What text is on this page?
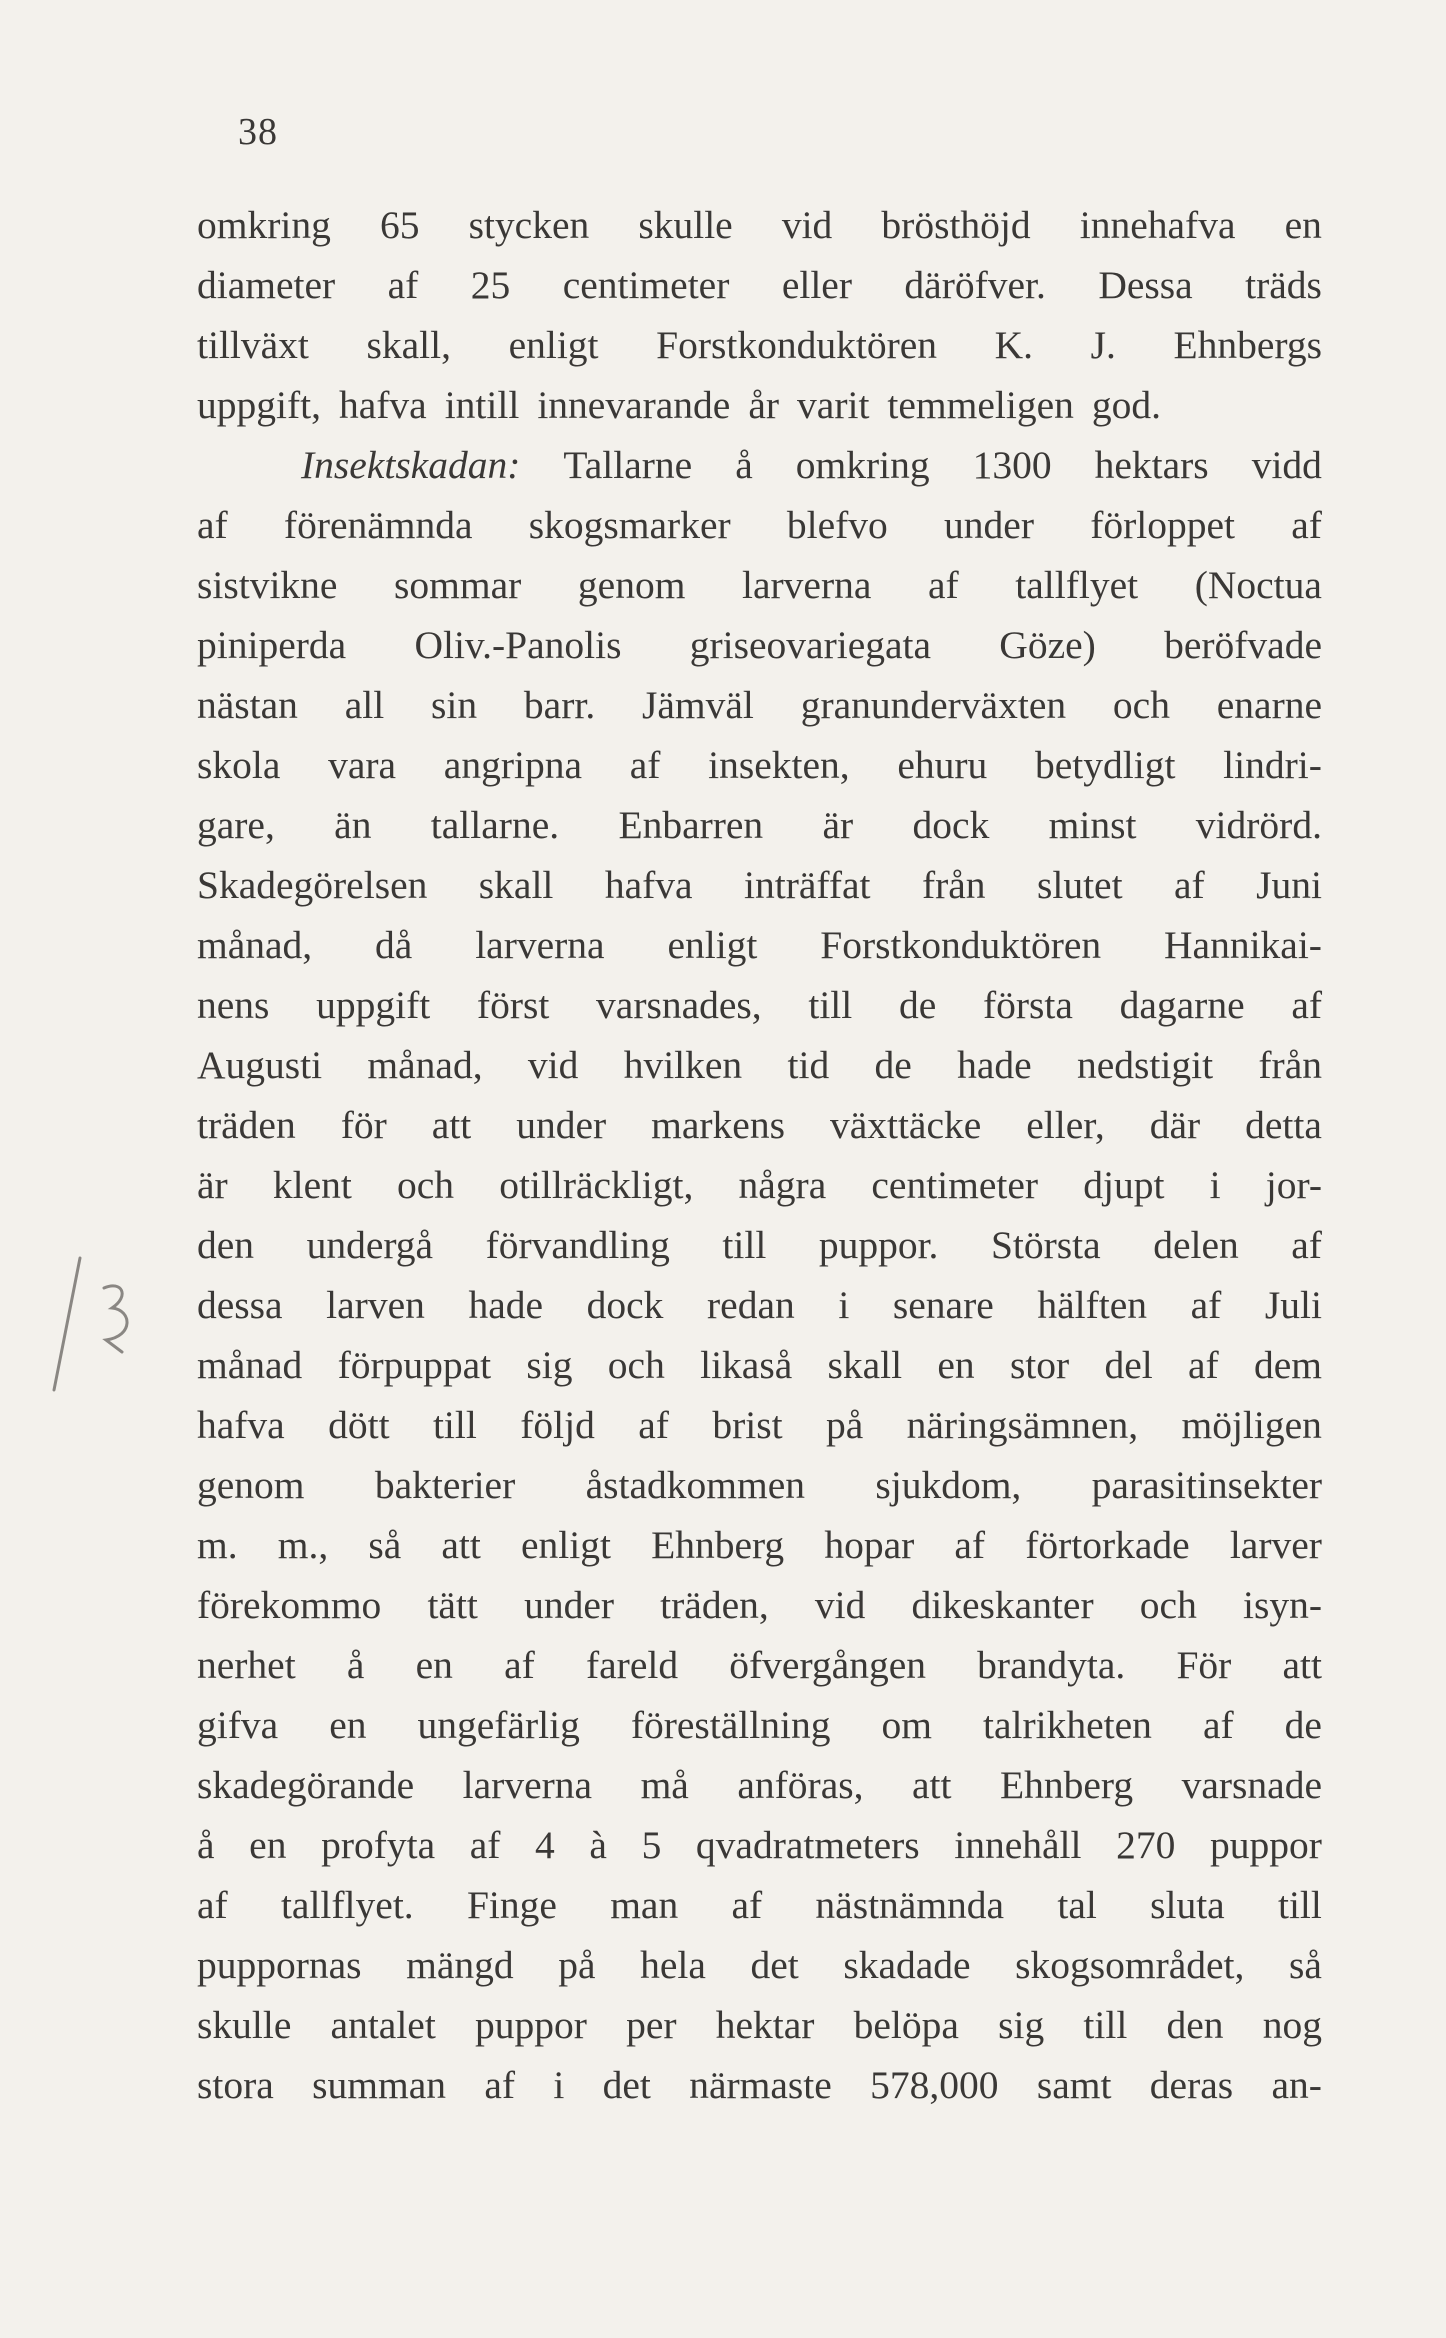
38
omkring 65 stycken skulle vid brösthöjd innehafva en
diameter af 25 centimeter eller däröfver. Dessa träds
tillväxt skall, enligt Forstkonduktören K. J. Ehnbergs
uppgift, hafva intill innevarande år varit temmeligen god.
Insektskadan: Tallarne å omkring 1300 hektars vidd
af förenämnda skogsmarker blefvo under förloppet af
sistvikne sommar genom larverna af tallflyet (Noctua
piniperda Oliv.-Panolis griseovariegata Göze) beröfvade
nästan all sin barr. Jämväl granunderväxten och enarne
skola vara angripna af insekten, ehuru betydligt lindri-
gare, än tallarne. Enbarren är dock minst vidrörd.
Skadegörelsen skall hafva inträffat från slutet af Juni
månad, då larverna enligt Forstkonduktören Hannikai-
nens uppgift först varsnades, till de första dagarne af
Augusti månad, vid hvilken tid de hade nedstigit från
träden för att under markens växttäcke eller, där detta
är klent och otillräckligt, några centimeter djupt i jor-
den undergå förvandling till puppor. Största delen af
dessa larven hade dock redan i senare hälften af Juli
månad förpuppat sig och likaså skall en stor del af dem
hafva dött till följd af brist på näringsämnen, möjligen
genom bakterier åstadkommen sjukdom, parasitinsekter
m. m., så att enligt Ehnberg hopar af förtorkade larver
förekommo tätt under träden, vid dikeskanter och isyn-
nerhet å en af fareld öfvergången brandyta. För att
gifva en ungefärlig föreställning om talrikheten af de
skadegörande larverna må anföras, att Ehnberg varsnade
å en profyta af 4 à 5 qvadratmeters innehåll 270 puppor
af tallflyet. Finge man af nästnämnda tal sluta till
puppornas mängd på hela det skadade skogsområdet, så
skulle antalet puppor per hektar belöpa sig till den nog
stora summan af i det närmaste 578,000 samt deras an-
